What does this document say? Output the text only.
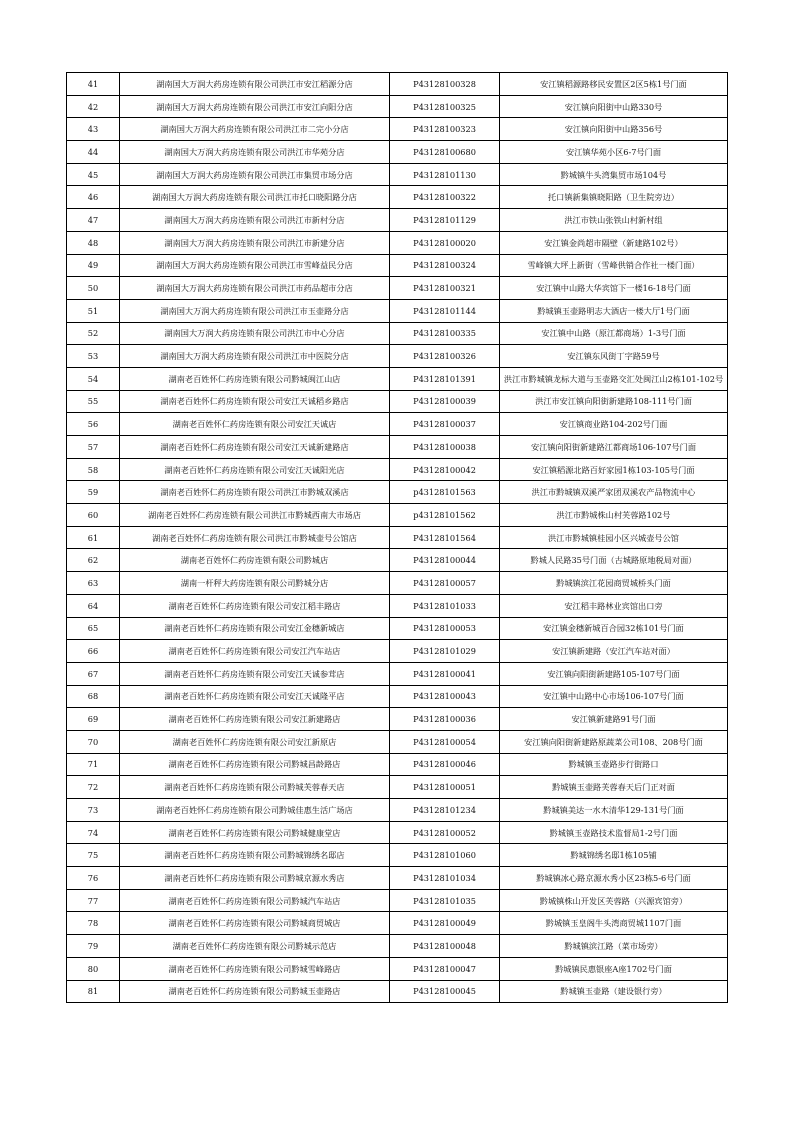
41	湖南国大万润大药房连锁有限公司洪江市安江稻源分店	P43128100328	安江镇稻源路移民安置区2区5栋1号门面
42	湖南国大万润大药房连锁有限公司洪江市安江向阳分店	P43128100325	安江镇向阳街中山路330号
43	湖南国大万润大药房连锁有限公司洪江市二完小分店	P43128100323	安江镇向阳街中山路356号
44	湖南国大万润大药房连锁有限公司洪江市华苑分店	P43128100680	安江镇华苑小区6-7号门面
45	湖南国大万润大药房连锁有限公司洪江市集贸市场分店	P43128101130	黔城镇牛头湾集贸市场104号
46	湖南国大万润大药房连锁有限公司洪江市托口晓阳路分店	P43128100322	托口镇新集镇晓阳路（卫生院旁边）
47	湖南国大万润大药房连锁有限公司洪江市新村分店	P43128101129	洪江市铁山张铁山村新村组
48	湖南国大万润大药房连锁有限公司洪江市新建分店	P43128100020	安江镇金尚超市隔壁（新建路102号）
49	湖南国大万润大药房连锁有限公司洪江市雪峰益民分店	P43128100324	雪峰镇大坪上新街（雪峰供销合作社一楼门面）
50	湖南国大万润大药房连锁有限公司洪江市药品超市分店	P43128100321	安江镇中山路大华宾馆下一楼16-18号门面
51	湖南国大万润大药房连锁有限公司洪江市玉壶路分店	P43128101144	黔城镇玉壶路明志大酒店一楼大厅1号门面
52	湖南国大万润大药房连锁有限公司洪江市中心分店	P43128100335	安江镇中山路（原江都商场）1-3号门面
53	湖南国大万润大药房连锁有限公司洪江市中医院分店	P43128100326	安江镇东风街丁字路59号
54	湖南老百姓怀仁药房连锁有限公司黔城闽江山店	P43128101391	洪江市黔城镇龙标大道与玉壶路交汇处闽江山2栋101-102号
55	湖南老百姓怀仁药房连锁有限公司安江天诚稻乡路店	P43128100039	洪江市安江镇向阳街新建路108-111号门面
56	湖南老百姓怀仁药房连锁有限公司安江天诚店	P43128100037	安江镇商业路104-202号门面
57	湖南老百姓怀仁药房连锁有限公司安江天诚新建路店	P43128100038	安江镇向阳街新建路江都商场106-107号门面
58	湖南老百姓怀仁药房连锁有限公司安江天诚阳光店	P43128100042	安江镇稻源北路百好家园1栋103-105号门面
59	湖南老百姓怀仁药房连锁有限公司洪江市黔城双溪店	p43128101563	洪江市黔城镇双溪严家团双溪农产品物流中心
60	湖南老百姓怀仁药房连锁有限公司洪江市黔城西南大市场店	p43128101562	洪江市黔城株山村芙蓉路102号
61	湖南老百姓怀仁药房连锁有限公司洪江市黔城壶号公馆店	P43128101564	洪江市黔城镇桂园小区兴城壶号公馆
62	湖南老百姓怀仁药房连锁有限公司黔城店	P43128100044	黔城人民路35号门面（古城路原地税局对面）
63	湖南一杆秤大药房连锁有限公司黔城分店	P43128100057	黔城镇滨江花园商贸城桥头门面
64	湖南老百姓怀仁药房连锁有限公司安江稻丰路店	P43128101033	安江稻丰路林业宾馆出口旁
65	湖南老百姓怀仁药房连锁有限公司安江金穗新城店	P43128100053	安江镇金穗新城百合园32栋101号门面
66	湖南老百姓怀仁药房连锁有限公司安江汽车站店	P43128101029	安江镇新建路（安江汽车站对面）
67	湖南老百姓怀仁药房连锁有限公司安江天诚参茸店	P43128100041	安江镇向阳街新建路105-107号门面
68	湖南老百姓怀仁药房连锁有限公司安江天诚隆平店	P43128100043	安江镇中山路中心市场106-107号门面
69	湖南老百姓怀仁药房连锁有限公司安江新建路店	P43128100036	安江镇新建路91号门面
70	湖南老百姓怀仁药房连锁有限公司安江新原店	P43128100054	安江镇向阳街新建路原蔬菜公司108、208号门面
71	湖南老百姓怀仁药房连锁有限公司黔城昌龄路店	P43128100046	黔城镇玉壶路步行街路口
72	湖南老百姓怀仁药房连锁有限公司黔城芙蓉春天店	P43128100051	黔城镇玉壶路芙蓉春天后门正对面
73	湖南老百姓怀仁药房连锁有限公司黔城佳惠生活广场店	P43128101234	黔城镇美达一水木清华129-131号门面
74	湖南老百姓怀仁药房连锁有限公司黔城健康堂店	P43128100052	黔城镇玉壶路技术监督局1-2号门面
75	湖南老百姓怀仁药房连锁有限公司黔城锦绣名邸店	P43128101060	黔城锦绣名邸1栋105铺
76	湖南老百姓怀仁药房连锁有限公司黔城京源水秀店	P43128101034	黔城镇冰心路京源水秀小区23栋5-6号门面
77	湖南老百姓怀仁药房连锁有限公司黔城汽车站店	P43128101035	黔城镇株山开发区芙蓉路（兴源宾馆旁）
78	湖南老百姓怀仁药房连锁有限公司黔城商贸城店	P43128100049	黔城镇玉皇阁牛头湾商贸城1107门面
79	湖南老百姓怀仁药房连锁有限公司黔城示范店	P43128100048	黔城镇滨江路（菜市场旁）
80	湖南老百姓怀仁药房连锁有限公司黔城雪峰路店	P43128100047	黔城镇民惠银座A座1702号门面
81	湖南老百姓怀仁药房连锁有限公司黔城玉壶路店	P43128100045	黔城镇玉壶路（建设银行旁）
